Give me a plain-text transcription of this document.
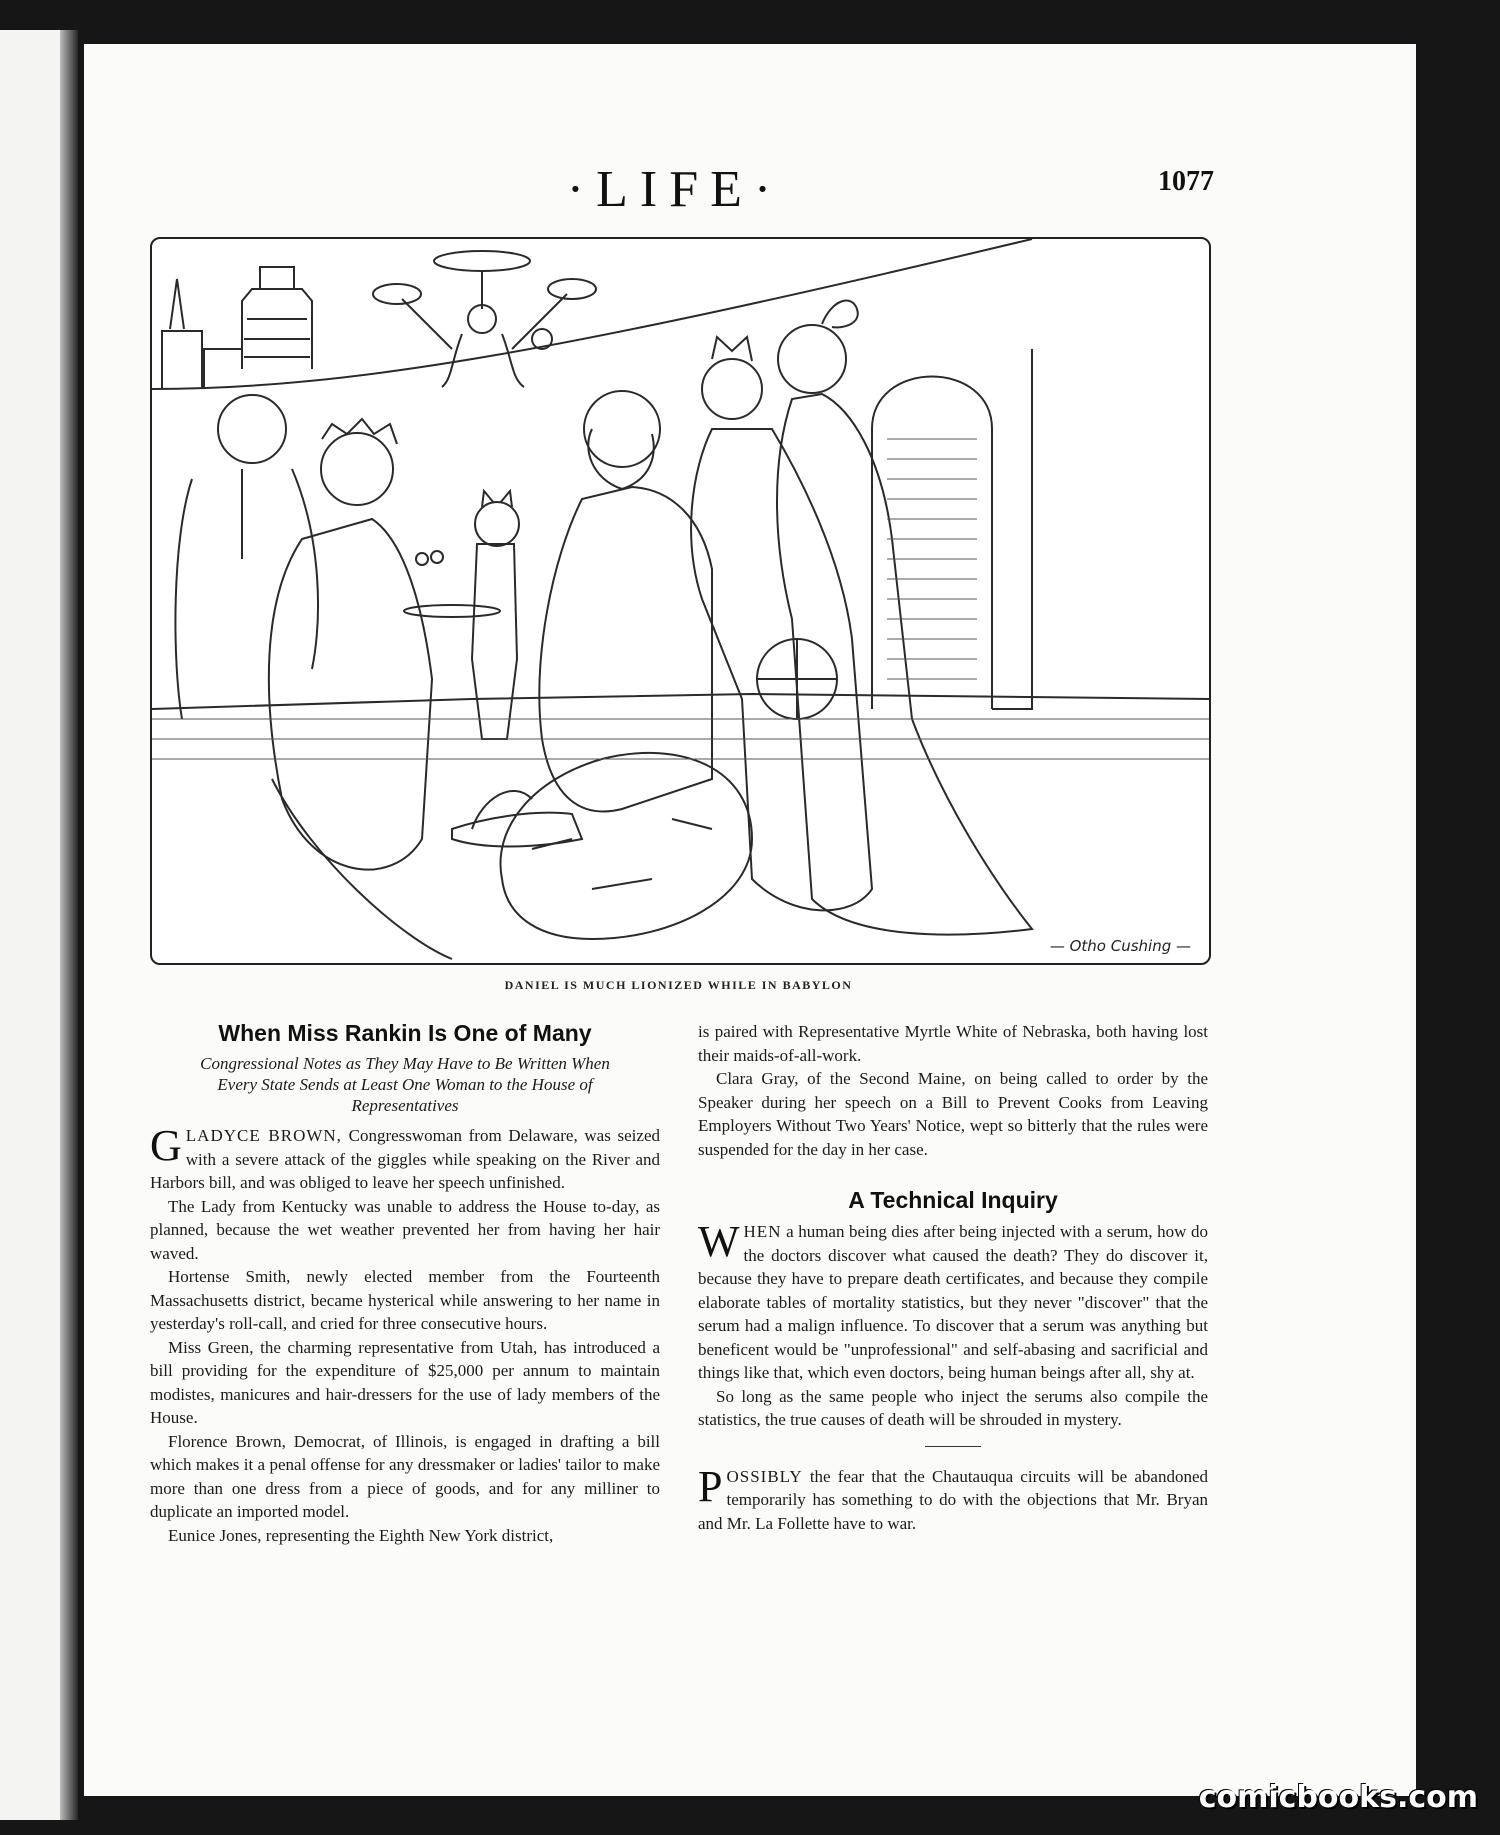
·LIFE·	1077
— Otho Cushing —
DANIEL IS MUCH LIONIZED WHILE IN BABYLON
When Miss Rankin Is One of Many
Congressional Notes as They May Have to Be Written When Every State Sends at Least One Woman to the House of Representatives

GLADYCE BROWN, Congresswoman from Delaware, was seized with a severe attack of the giggles while speaking on the River and Harbors bill, and was obliged to leave her speech unfinished.

The Lady from Kentucky was unable to address the House to-day, as planned, because the wet weather prevented her from having her hair waved.

Hortense Smith, newly elected member from the Fourteenth Massachusetts district, became hysterical while answering to her name in yesterday's roll-call, and cried for three consecutive hours.

Miss Green, the charming representative from Utah, has introduced a bill providing for the expenditure of $25,000 per annum to maintain modistes, manicures and hair-dressers for the use of lady members of the House.

Florence Brown, Democrat, of Illinois, is engaged in drafting a bill which makes it a penal offense for any dressmaker or ladies' tailor to make more than one dress from a piece of goods, and for any milliner to duplicate an imported model.

Eunice Jones, representing the Eighth New York district,

is paired with Representative Myrtle White of Nebraska, both having lost their maids-of-all-work.

Clara Gray, of the Second Maine, on being called to order by the Speaker during her speech on a Bill to Prevent Cooks from Leaving Employers Without Two Years' Notice, wept so bitterly that the rules were suspended for the day in her case.

A Technical Inquiry

WHEN a human being dies after being injected with a serum, how do the doctors discover what caused the death? They do discover it, because they have to prepare death certificates, and because they compile elaborate tables of mortality statistics, but they never "discover" that the serum had a malign influence. To discover that a serum was anything but beneficent would be "unprofessional" and self-abasing and sacrificial and things like that, which even doctors, being human beings after all, shy at.

So long as the same people who inject the serums also compile the statistics, the true causes of death will be shrouded in mystery.

POSSIBLY the fear that the Chautauqua circuits will be abandoned temporarily has something to do with the objections that Mr. Bryan and Mr. La Follette have to war.

comicbooks.com
